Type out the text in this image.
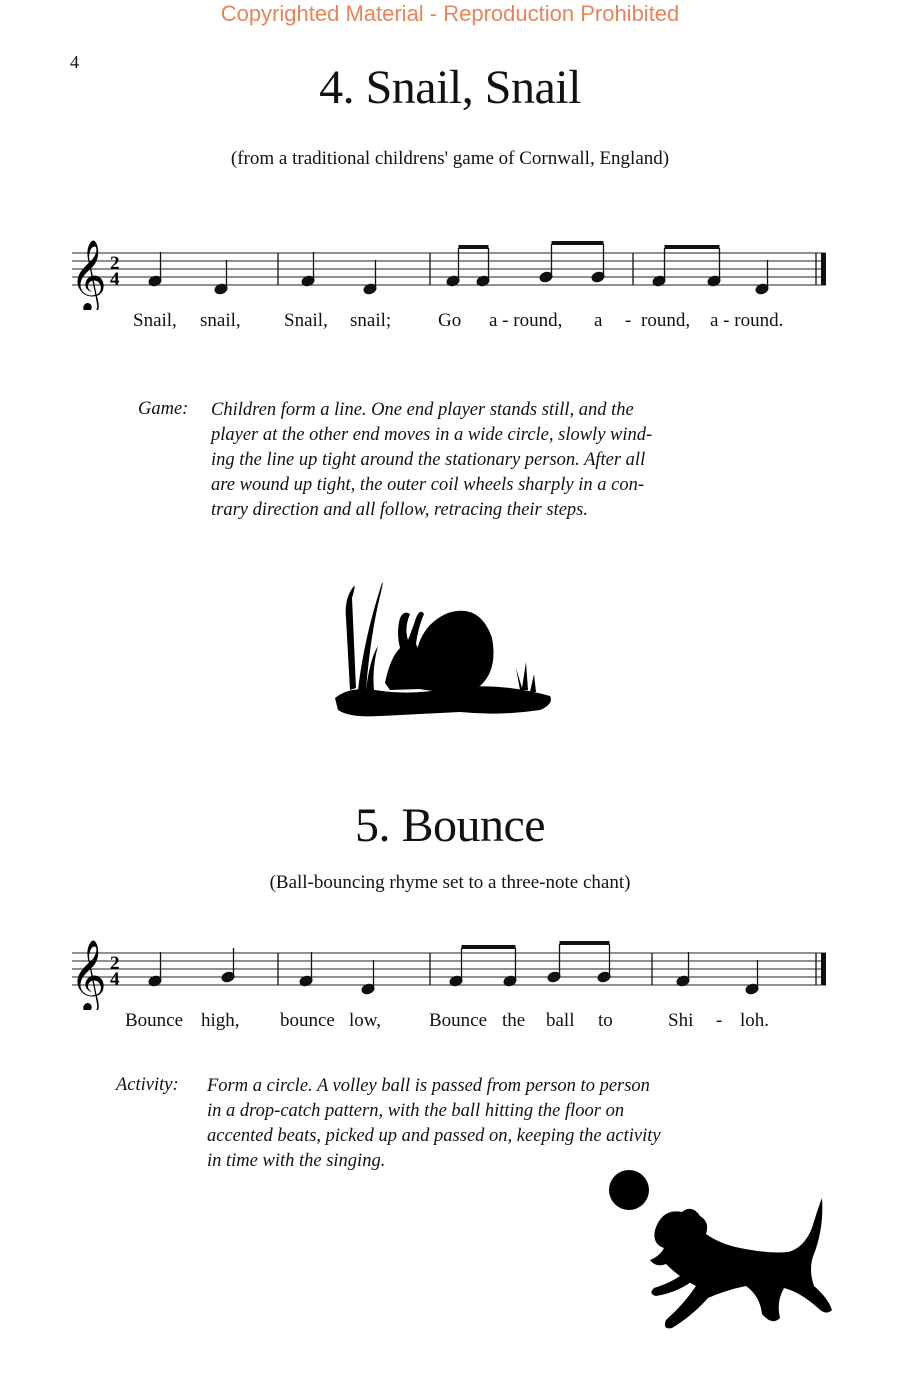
Copyrighted Material - Reproduction Prohibited
4	4. Snail, Snail
(from a traditional childrens' game of Cornwall, England)
𝄞 2
4
Snail, snail, Snail, snail; Go a - round, a - round, a - round.
Game: Children form a line. One end player stands still, and the
player at the other end moves in a wide circle, slowly wind-
ing the line up tight around the stationary person. After all
are wound up tight, the outer coil wheels sharply in a con-
trary direction and all follow, retracing their steps.
5. Bounce
(Ball-bouncing rhyme set to a three-note chant)
𝄞 2
4
Bounce high, bounce low,	Bounce the ball to	Shi - loh.
Activity: Form a circle. A volley ball is passed from person to person
in a drop-catch pattern, with the ball hitting the floor on
accented beats, picked up and passed on, keeping the activity
in time with the singing.
